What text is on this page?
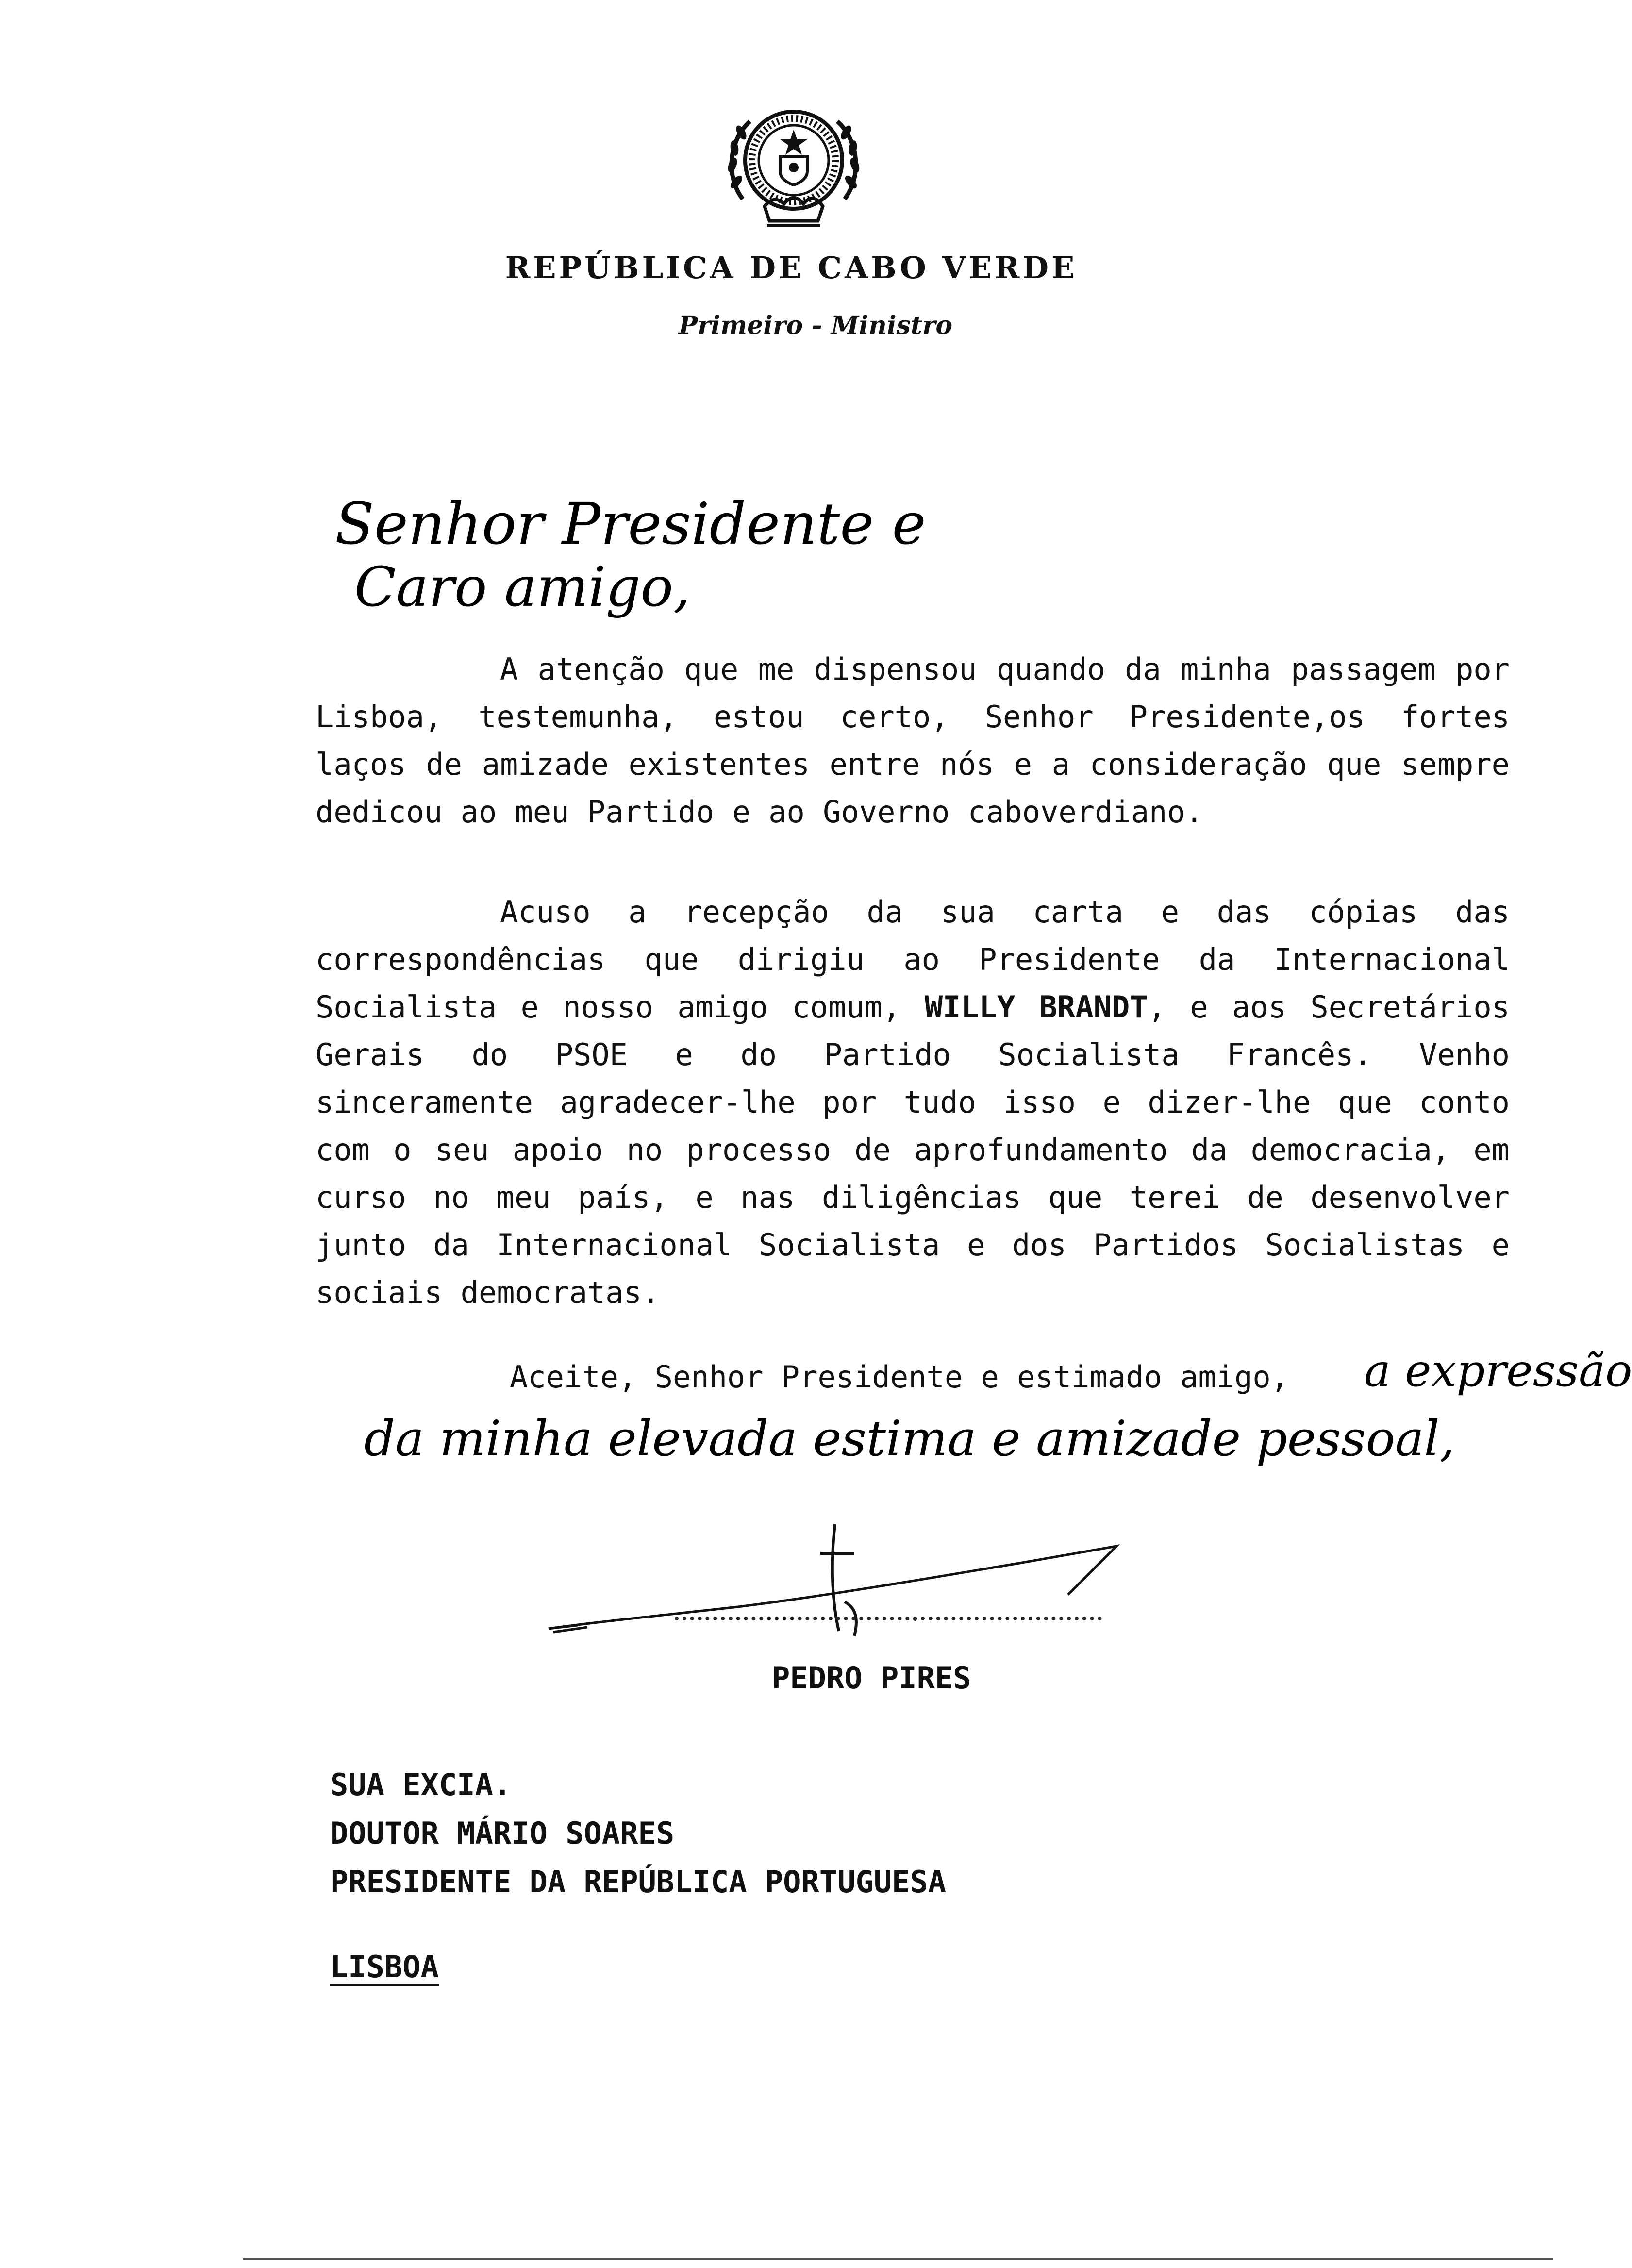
REPÚBLICA DE CABO VERDE
Primeiro - Ministro
Senhor Presidente e
Caro amigo,
A atenção que me dispensou quando da minha passagem por Lisboa, testemunha, estou certo, Senhor Presidente,os fortes laços de amizade existentes entre nós e a consideração que sempre dedicou ao meu Partido e ao Governo caboverdiano.
Acuso a recepção da sua carta e das cópias das correspondências que dirigiu ao Presidente da Internacional Socialista e nosso amigo comum, WILLY BRANDT, e aos Secretários Gerais do PSOE e do Partido Socialista Francês. Venho sinceramente agradecer-lhe por tudo isso e dizer-lhe que conto com o seu apoio no processo de aprofundamento da democracia, em curso no meu país, e nas diligências que terei de desenvolver junto da Internacional Socialista e dos Partidos Socialistas e sociais democratas.
Aceite, Senhor Presidente e estimado amigo, a expressão
da minha elevada estima e amizade pessoal,
PEDRO PIRES
SUA EXCIA.
DOUTOR MÁRIO SOARES
PRESIDENTE DA REPÚBLICA PORTUGUESA
LISBOA
